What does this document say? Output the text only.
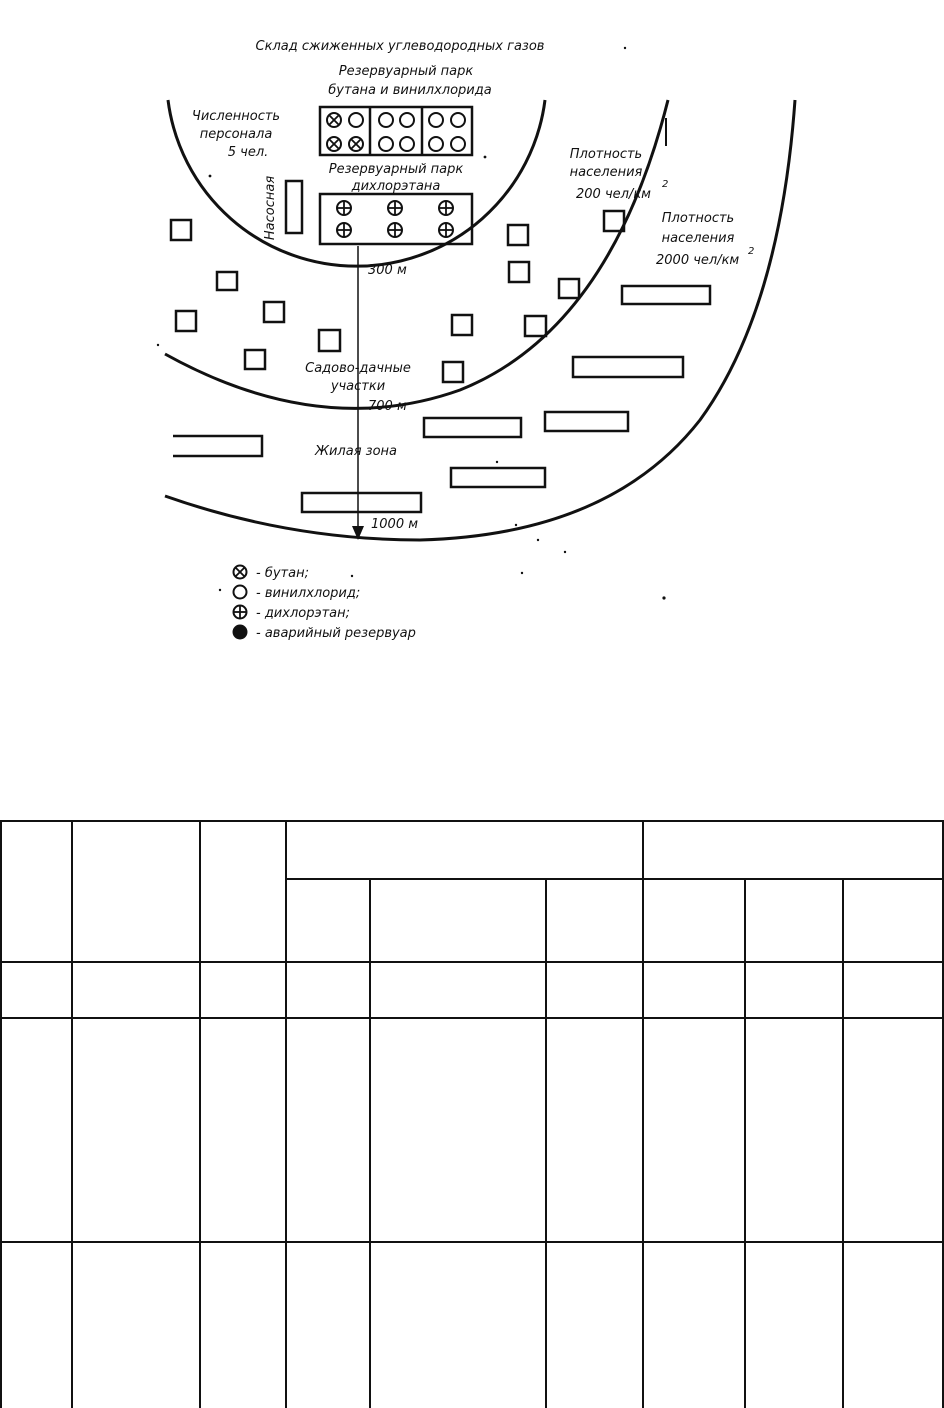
Склад сжиженных углеводородных газов
Резервуарный парк
бутана и винилхлорида
Резервуарный парк
дихлорэтана
Численность
персонала
5 чел.
Насосная
Плотность
населения
200 чел/км
2
Плотность
населения
2000 чел/км
2
300 м
700 м
1000 м
Садово-дачные
участки
Жилая зона
- бутан;
- винилхлорид;
- дихлорэтан;
- аварийный резервуар
